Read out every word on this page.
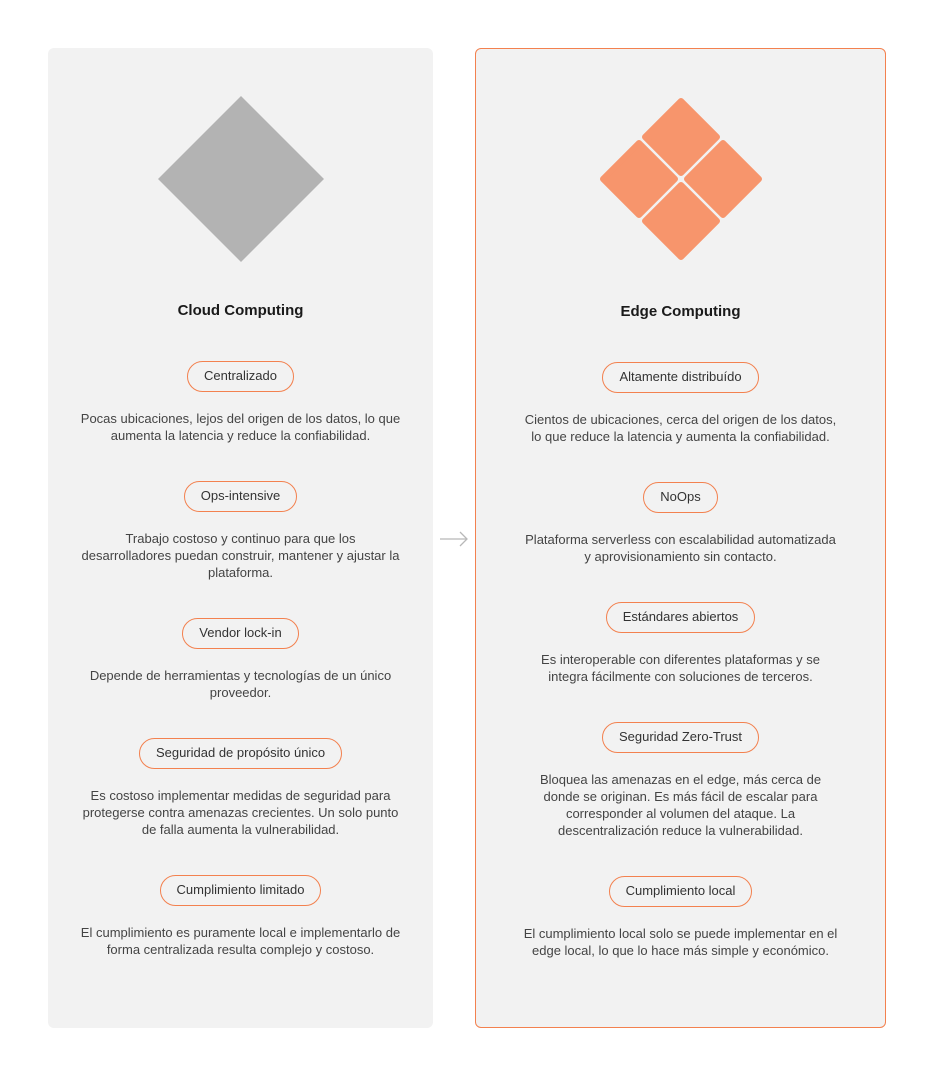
Cloud Computing
Centralizado
Pocas ubicaciones, lejos del origen de los datos, lo que aumenta la latencia y reduce la confiabilidad.
Ops-intensive
Trabajo costoso y continuo para que los desarrolladores puedan construir, mantener y ajustar la plataforma.
Vendor lock-in
Depende de herramientas y tecnologías de un único proveedor.
Seguridad de propósito único
Es costoso implementar medidas de seguridad para protegerse contra amenazas crecientes. Un solo punto de falla aumenta la vulnerabilidad.
Cumplimiento limitado
El cumplimiento es puramente local e implementarlo de forma centralizada resulta complejo y costoso.
Edge Computing
Altamente distribuído
Cientos de ubicaciones, cerca del origen de los datos, lo que reduce la latencia y aumenta la confiabilidad.
NoOps
Plataforma serverless con escalabilidad automatizada y aprovisionamiento sin contacto.
Estándares abiertos
Es interoperable con diferentes plataformas y se integra fácilmente con soluciones de terceros.
Seguridad Zero-Trust
Bloquea las amenazas en el edge, más cerca de donde se originan. Es más fácil de escalar para corresponder al volumen del ataque. La descentralización reduce la vulnerabilidad.
Cumplimiento local
El cumplimiento local solo se puede implementar en el edge local, lo que lo hace más simple y económico.
